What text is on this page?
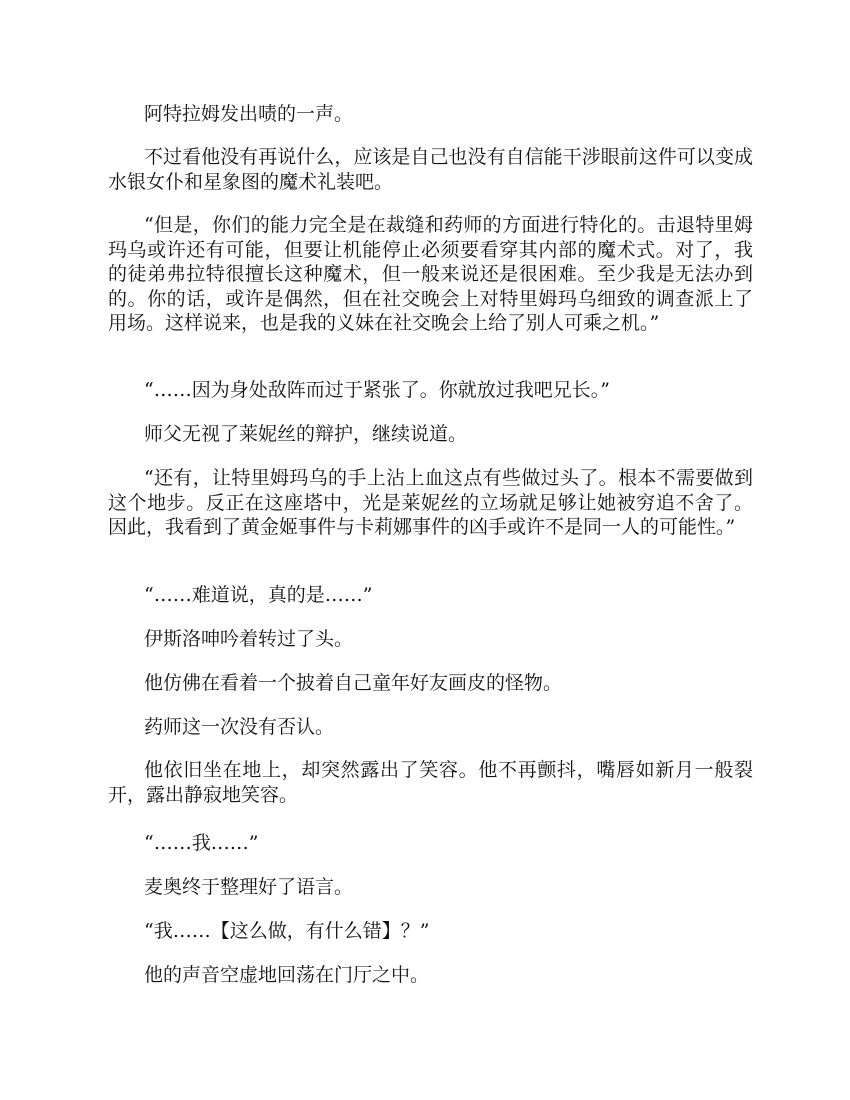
阿特拉姆发出啧的一声。

不过看他没有再说什么，应该是自己也没有自信能干涉眼前这件可以变成水银女仆和星象图的魔术礼装吧。

“但是，你们的能力完全是在裁缝和药师的方面进行特化的。击退特里姆玛乌或许还有可能，但要让机能停止必须要看穿其内部的魔术式。对了，我的徒弟弗拉特很擅长这种魔术，但一般来说还是很困难。至少我是无法办到的。你的话，或许是偶然，但在社交晚会上对特里姆玛乌细致的调查派上了用场。这样说来，也是我的义妹在社交晚会上给了别人可乘之机。”

“……因为身处敌阵而过于紧张了。你就放过我吧兄长。”

师父无视了莱妮丝的辩护，继续说道。

“还有，让特里姆玛乌的手上沾上血这点有些做过头了。根本不需要做到这个地步。反正在这座塔中，光是莱妮丝的立场就足够让她被穷追不舍了。因此，我看到了黄金姬事件与卡莉娜事件的凶手或许不是同一人的可能性。”

“……难道说，真的是……”

伊斯洛呻吟着转过了头。

他仿佛在看着一个披着自己童年好友画皮的怪物。

药师这一次没有否认。

他依旧坐在地上，却突然露出了笑容。他不再颤抖，嘴唇如新月一般裂开，露出静寂地笑容。

“……我……”

麦奥终于整理好了语言。

“我……【这么做，有什么错】？”

他的声音空虚地回荡在门厅之中。
